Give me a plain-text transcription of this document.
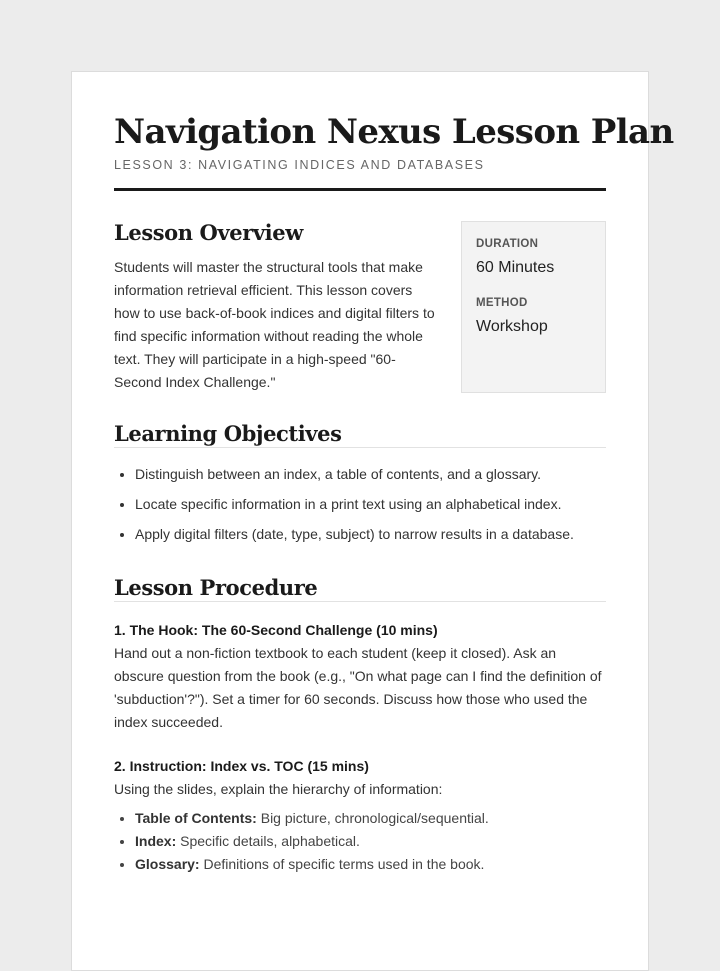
Navigation Nexus Lesson Plan
LESSON 3: NAVIGATING INDICES AND DATABASES
Lesson Overview

Students will master the structural tools that make information retrieval efficient. This lesson covers how to use back-of-book indices and digital filters to find specific information without reading the whole text. They will participate in a high-speed "60-Second Index Challenge."

DURATION
60 Minutes
METHOD
Workshop
Learning Objectives
• Distinguish between an index, a table of contents, and a glossary.
• Locate specific information in a print text using an alphabetical index.
• Apply digital filters (date, type, subject) to narrow results in a database.
Lesson Procedure
1. The Hook: The 60-Second Challenge (10 mins)

Hand out a non-fiction textbook to each student (keep it closed). Ask an obscure question from the book (e.g., "On what page can I find the definition of 'subduction'?"). Set a timer for 60 seconds. Discuss how those who used the index succeeded.

2. Instruction: Index vs. TOC (15 mins)

Using the slides, explain the hierarchy of information:

• Table of Contents: Big picture, chronological/sequential.
• Index: Specific details, alphabetical.
• Glossary: Definitions of specific terms used in the book.
